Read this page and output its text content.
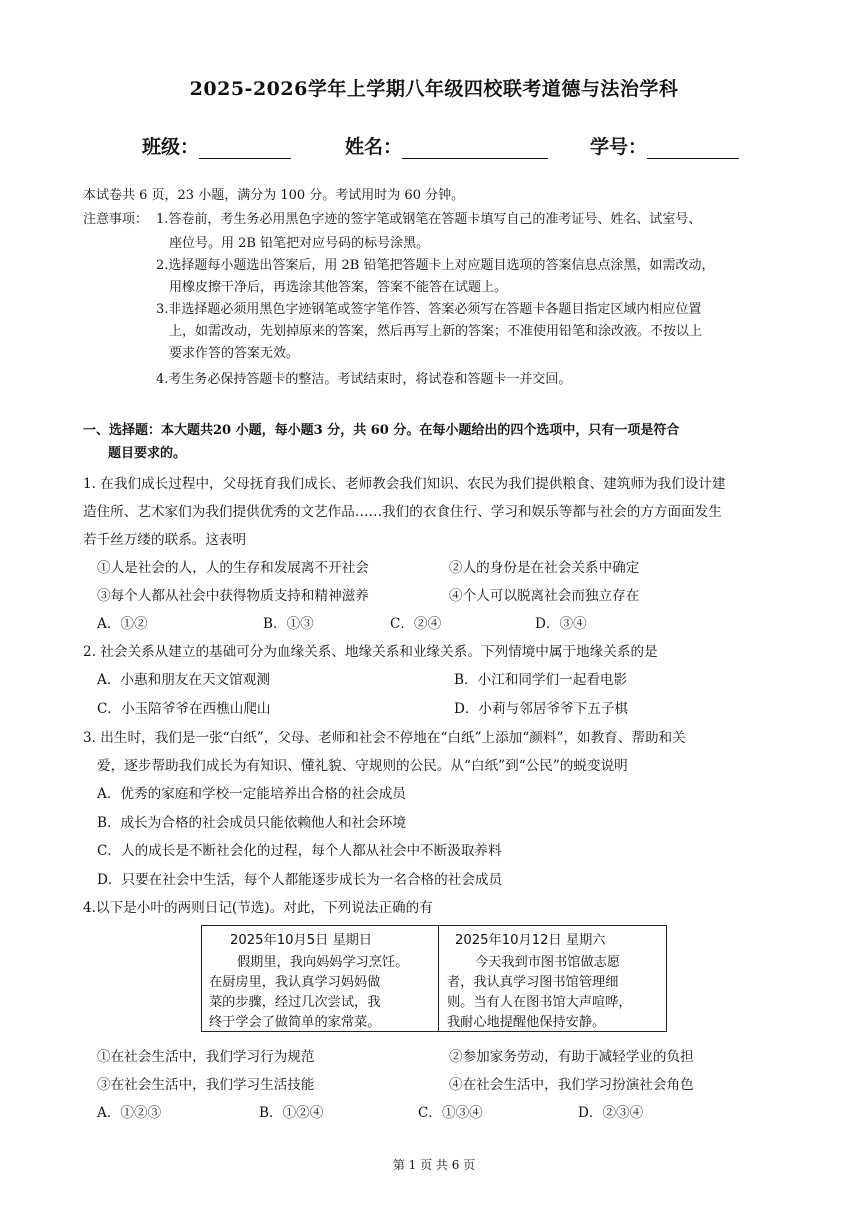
2025-2026学年上学期八年级四校联考道德与法治学科
班级：	姓名：	学号：
本试卷共 6 页，23 小题，满分为 100 分。考试用时为 60 分钟。
注意事项： 1.答卷前，考生务必用黑色字迹的签字笔或钢笔在答题卡填写自己的准考证号、姓名、试室号、
座位号。用 2B 铅笔把对应号码的标号涂黑。
2.选择题每小题选出答案后，用 2B 铅笔把答题卡上对应题目选项的答案信息点涂黑，如需改动，
用橡皮擦干净后，再选涂其他答案，答案不能答在试题上。
3.非选择题必须用黑色字迹钢笔或签字笔作答、答案必须写在答题卡各题目指定区域内相应位置
上，如需改动，先划掉原来的答案，然后再写上新的答案；不准使用铅笔和涂改液。不按以上
要求作答的答案无效。
4.考生务必保持答题卡的整洁。考试结束时，将试卷和答题卡一并交回。
一、选择题：本大题共20 小题，每小题3 分，共 60 分。在每小题给出的四个选项中，只有一项是符合
题目要求的。
1. 在我们成长过程中，父母抚育我们成长、老师教会我们知识、农民为我们提供粮食、建筑师为我们设计建
造住所、艺术家们为我们提供优秀的文艺作品……我们的衣食住行、学习和娱乐等都与社会的方方面面发生
若千丝万缕的联系。这表明
①人是社会的人，人的生存和发展离不开社会	②人的身份是在社会关系中确定
③每个人都从社会中获得物质支持和精神滋养	④个人可以脱离社会而独立存在
A．①②	B．①③	C．②④	D．③④
2. 社会关系从建立的基础可分为血缘关系、地缘关系和业缘关系。下列情境中属于地缘关系的是
A．小惠和朋友在天文馆观测	B．小江和同学们一起看电影
C．小玉陪爷爷在西樵山爬山	D．小莉与邻居爷爷下五子棋
3. 出生时，我们是一张“白纸”，父母、老师和社会不停地在“白纸”上添加“颜料”，如教育、帮助和关
爱，逐步帮助我们成长为有知识、懂礼貌、守规则的公民。从“白纸”到“公民”的蜕变说明
A．优秀的家庭和学校一定能培养出合格的社会成员
B．成长为合格的社会成员只能依赖他人和社会环境
C．人的成长是不断社会化的过程，每个人都从社会中不断汲取养料
D．只要在社会中生活，每个人都能逐步成长为一名合格的社会成员
4.以下是小叶的两则日记(节选)。对此，下列说法正确的有
2025年10月5日 星期日
假期里，我向妈妈学习烹饪。
在厨房里，我认真学习妈妈做
菜的步骤，经过几次尝试，我
终于学会了做简单的家常菜。
2025年10月12日 星期六
今天我到市图书馆做志愿
者，我认真学习图书馆管理细
则。当有人在图书馆大声喧哗，
我耐心地提醒他保持安静。
①在社会生活中，我们学习行为规范	②参加家务劳动，有助于减轻学业的负担
③在社会生活中，我们学习生活技能	④在社会生活中，我们学习扮演社会角色
A．①②③	B．①②④	C．①③④	D．②③④
第 1 页 共 6 页
